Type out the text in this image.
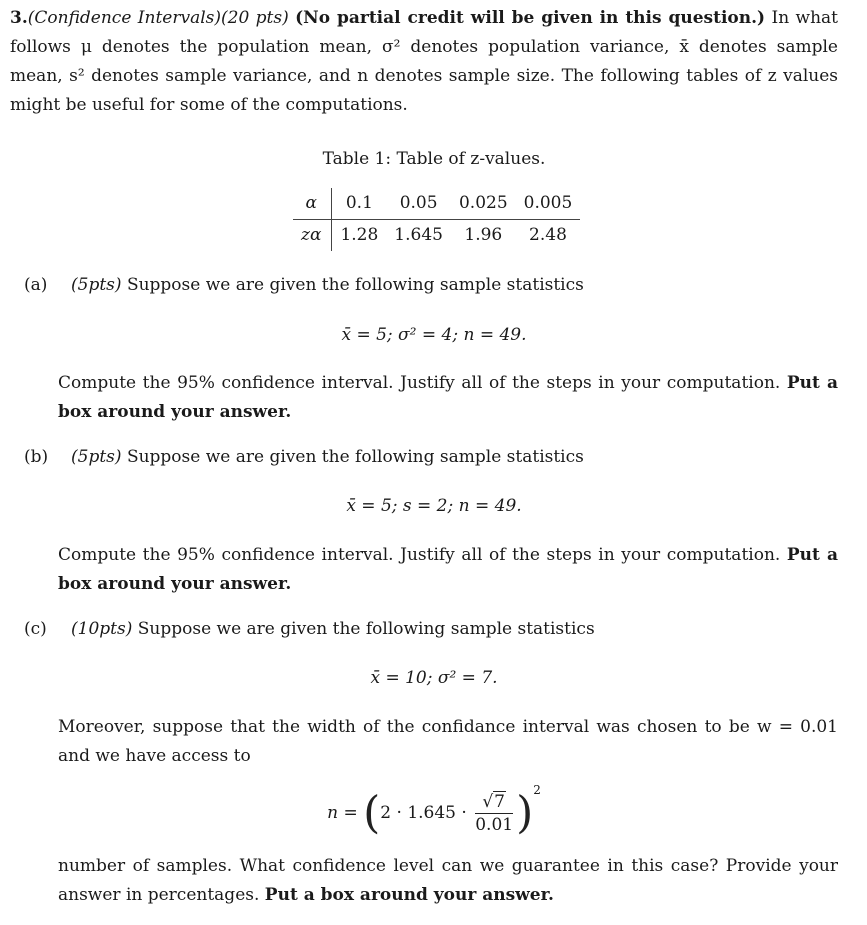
3.(Confidence Intervals)(20 pts) (No partial credit will be given in this question.) In what follows μ denotes the population mean, σ² denotes population variance, x̄ denotes sample mean, s² denotes sample variance, and n denotes sample size. The following tables of z values might be useful for some of the computations.
Table 1: Table of z-values.
α	0.1	0.05	0.025	0.005
zα	1.28	1.645	1.96	2.48
(a) (5pts) Suppose we are given the following sample statistics
x̄ = 5; σ² = 4; n = 49.
Compute the 95% confidence interval. Justify all of the steps in your computation. Put a box around your answer.
(b) (5pts) Suppose we are given the following sample statistics
x̄ = 5; s = 2; n = 49.
Compute the 95% confidence interval. Justify all of the steps in your computation. Put a box around your answer.
(c) (10pts) Suppose we are given the following sample statistics
x̄ = 10; σ² = 7.
Moreover, suppose that the width of the confidance interval was chosen to be w = 0.01 and we have access to
$n = (2 \cdot 1.645 \cdot \frac{√7}{0.01} )^2$
number of samples. What confidence level can we guarantee in this case? Provide your answer in percentages. Put a box around your answer.
